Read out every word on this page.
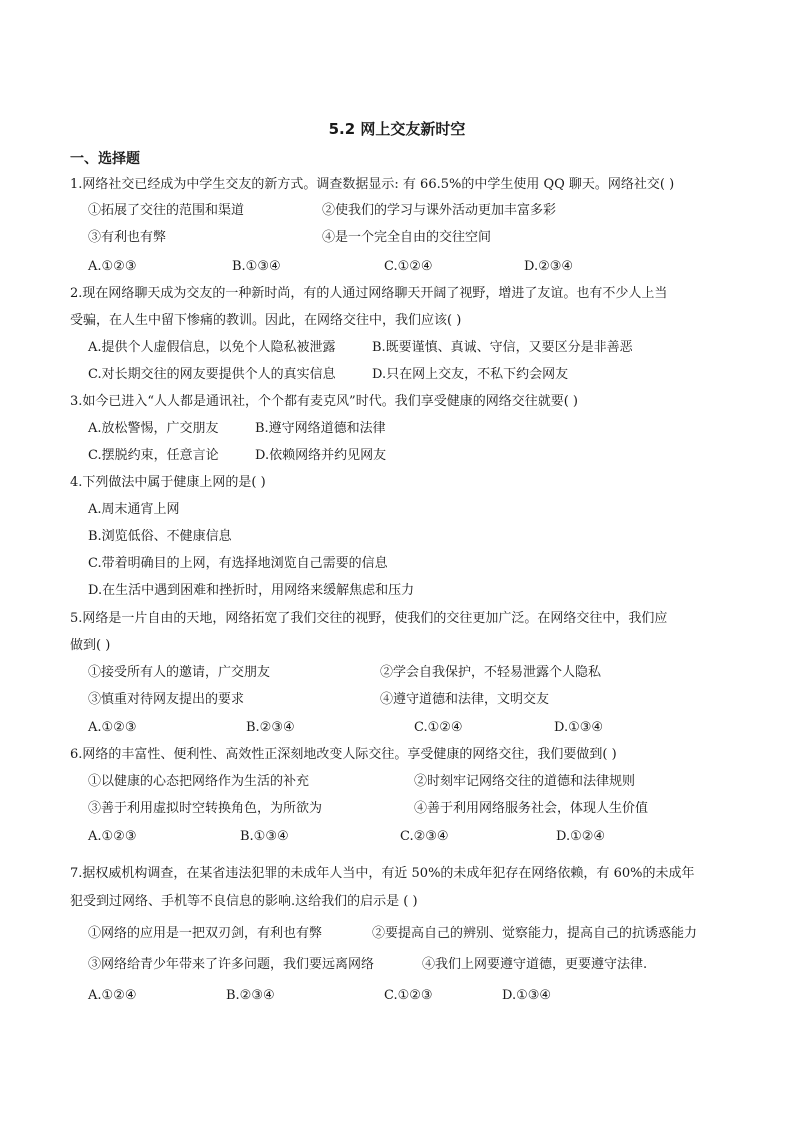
5.2 网上交友新时空
一、选择题
1.网络社交已经成为中学生交友的新方式。调查数据显示: 有 66.5%的中学生使用 QQ 聊天。网络社交( )
①拓展了交往的范围和渠道	②使我们的学习与课外活动更加丰富多彩
③有利也有弊	④是一个完全自由的交往空间
A.①②③	B.①③④	C.①②④	D.②③④
2.现在网络聊天成为交友的一种新时尚，有的人通过网络聊天开阔了视野，增进了友谊。也有不少人上当
受骗，在人生中留下惨痛的教训。因此，在网络交往中，我们应该( )
A.提供个人虚假信息，以免个人隐私被泄露	B.既要谨慎、真诚、守信，又要区分是非善恶
C.对长期交往的网友要提供个人的真实信息	D.只在网上交友，不私下约会网友
3.如今已进入“人人都是通讯社，个个都有麦克风”时代。我们享受健康的网络交往就要( )
A.放松警惕，广交朋友	B.遵守网络道德和法律
C.摆脱约束，任意言论	D.依赖网络并约见网友
4.下列做法中属于健康上网的是( )
A.周末通宵上网
B.浏览低俗、不健康信息
C.带着明确目的上网，有选择地浏览自己需要的信息
D.在生活中遇到困难和挫折时，用网络来缓解焦虑和压力
5.网络是一片自由的天地，网络拓宽了我们交往的视野，使我们的交往更加广泛。在网络交往中，我们应
做到( )
①接受所有人的邀请，广交朋友	②学会自我保护，不轻易泄露个人隐私
③慎重对待网友提出的要求	④遵守道德和法律，文明交友
A.①②③	B.②③④	C.①②④	D.①③④
6.网络的丰富性、便利性、高效性正深刻地改变人际交往。享受健康的网络交往，我们要做到( )
①以健康的心态把网络作为生活的补充	②时刻牢记网络交往的道德和法律规则
③善于利用虚拟时空转换角色，为所欲为	④善于利用网络服务社会，体现人生价值
A.①②③	B.①③④	C.②③④	D.①②④
7.据权威机构调查，在某省违法犯罪的未成年人当中，有近 50%的未成年犯存在网络依赖，有 60%的未成年
犯受到过网络、手机等不良信息的影响.这给我们的启示是 ( )
①网络的应用是一把双刃剑，有利也有弊	②要提高自己的辨别、觉察能力，提高自己的抗诱惑能力
③网络给青少年带来了许多问题，我们要远离网络	④我们上网要遵守道德，更要遵守法律.
A.①②④	B.②③④	C.①②③	D.①③④
